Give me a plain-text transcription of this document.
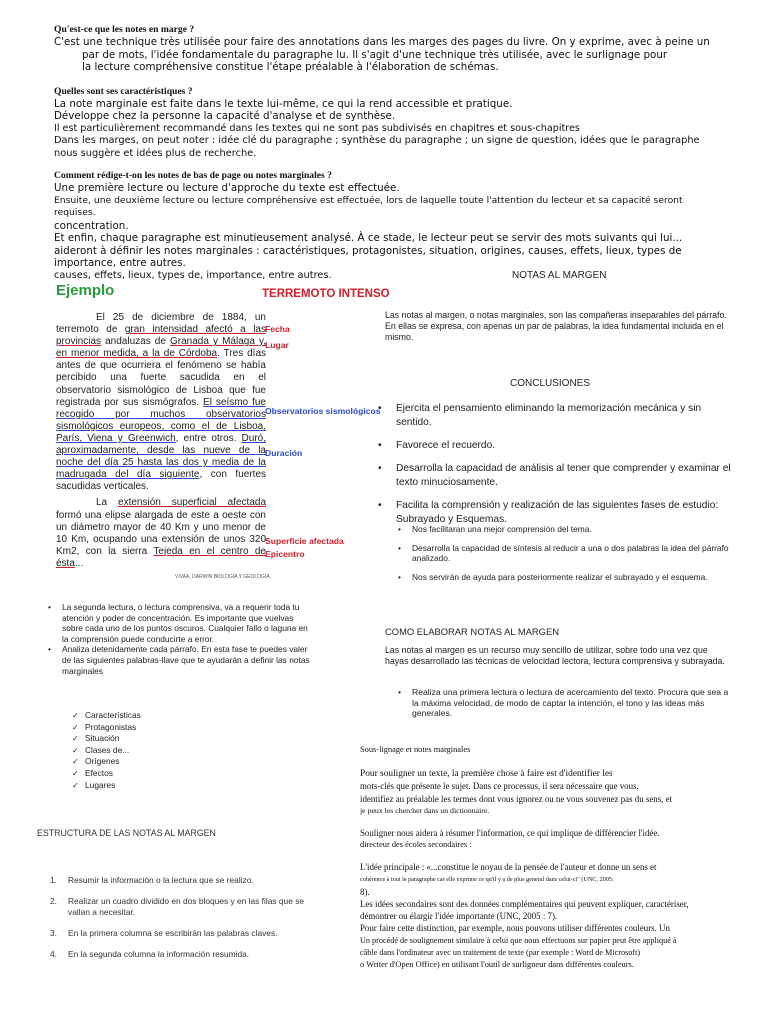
Qu'est-ce que les notes en marge ?

C'est une technique très utilisée pour faire des annotations dans les marges des pages du livre. On y exprime, avec à peine un

par de mots, l'idée fondamentale du paragraphe lu. Il s'agit d'une technique très utilisée, avec le surlignage pour

la lecture compréhensive constitue l'étape préalable à l'élaboration de schémas.

Quelles sont ses caractéristiques ?

La note marginale est faite dans le texte lui-même, ce qui la rend accessible et pratique.

Développe chez la personne la capacité d'analyse et de synthèse.

Il est particulièrement recommandé dans les textes qui ne sont pas subdivisés en chapitres et sous-chapitres

Dans les marges, on peut noter : idée clé du paragraphe ; synthèse du paragraphe ; un signe de question, idées que le paragraphe nous suggère et idées plus de recherche.

Comment rédige-t-on les notes de bas de page ou notes marginales ?

Une première lecture ou lecture d'approche du texte est effectuée.

Ensuite, une deuxième lecture ou lecture compréhensive est effectuée, lors de laquelle toute l'attention du lecteur et sa capacité seront requises.

concentration.

Et enfin, chaque paragraphe est minutieusement analysé. À ce stade, le lecteur peut se servir des mots suivants qui lui...

aideront à définir les notes marginales : caractéristiques, protagonistes, situation, origines, causes, effets, lieux, types de importance, entre autres.

causes, effets, lieux, types de, importance, entre autres.

Ejemplo	TERREMOTO INTENSO

El 25 de diciembre de 1884, un terremoto de gran intensidad afectó a las provincias andaluzas de Granada y Málaga y, en menor medida, a la de Córdoba. Tres días antes de que ocurriera el fenómeno se había percibido una fuerte sacudida en el observatorio sismológico de Lisboa que fue registrada por sus sismógrafos. El seísmo fue recogido por muchos observatorios sismológicos europeos, como el de Lisboa, París, Viena y Greenwich, entre otros. Duró, aproximadamente, desde las nueve de la noche del día 25 hasta las dos y media de la madrugada del día siguiente, con fuertes sacudidas verticales.

La extensión superficial afectada formó una elipse alargada de este a oeste con un diámetro mayor de 40 Km y uno menor de 10 Km, ocupando una extensión de unos 320 Km2, con la sierra Tejeda en el centro de ésta...

VIVAA, DARWIN BIOLOGÍA Y GEOLOGÍA
Fecha
Lugar
Observatorios sismológicos
Duración
Superficie afectada
Epicentro
• La segunda lectura, o lectura comprensiva, va a requerir toda tu atención y poder de concentración. Es importante que vuelvas sobre cada uno de los puntos oscuros. Cualquier fallo o laguna en la comprensión puede conducirte a error.
• Analiza detenidamente cada párrafo. En esta fase te puedes valer de las siguientes palabras-llave que te ayudarán a definir las notas marginales
✓ Características
✓ Protagonistas
✓ Situación
✓ Clases de...
✓ Orígenes
✓ Efectos
✓ Lugares
ESTRUCTURA DE LAS NOTAS AL MARGEN
1. Resumir la información o la lectura que se realizo.
2. Realizar un cuadro dividido en dos bloques y en las filas que se vallan a necesitar.
3. En la primera columna se escribirán las palabras claves.
4. En la segunda columna la información resumida.
NOTAS AL MARGEN
Las notas al margen, o notas marginales, son las compañeras inseparables del párrafo. En ellas se expresa, con apenas un par de palabras, la idea fundamental incluida en el mismo.
CONCLUSIONES
• Ejercita el pensamiento eliminando la memorización mecánica y sin sentido.
• Favorece el recuerdo.
• Desarrolla la capacidad de análisis al tener que comprender y examinar el texto minuciosamente.
• Facilita la comprensión y realización de las siguientes fases de estudio: Subrayado y Esquemas.
• Nos facilitaran una mejor comprensión del tema.
• Desarrolla la capacidad de síntesis al reducir a una o dos palabras la idea del párrafo analizado.
• Nos servirán de ayuda para posteriormente realizar el subrayado y el esquema.
COMO ELABORAR NOTAS AL MARGEN
Las notas al margen es un recurso muy sencillo de utilizar, sobre todo una vez que hayas desarrollado las técnicas de velocidad lectora, lectura comprensiva y subrayada.
• Realiza una primera lectura o lectura de acercamiento del texto. Procura que sea a la máxima velocidad, de modo de captar la intención, el tono y las ideas más generales.
Sous-lignage et notes marginales
Pour souligner un texte, la première chose à faire est d'identifier les
mots-clés que présente le sujet. Dans ce processus, il sera nécessaire que vous.
identifiez au préalable les termes dont vous ignorez ou ne vous souvenez pas du sens, et
je peux les chercher dans un dictionnaire.
Souligner nous aidera à résumer l'information, ce qui implique de différencier l'idée.
directeur des écoles secondaires :
L'idée principale : «...constitue le noyau de la pensée de l'auteur et donne un sens et
cohérence à tout le paragraphe car elle exprime ce qu'il y a de plus general dans celui-ci" (UNC, 2005:
8).
Les idées secondaires sont des données complémentaires qui peuvent expliquer, caractériser,
démontrer ou élargir l'idée importante (UNC, 2005 : 7).
Pour faire cette distinction, par exemple, nous pouvons utiliser différentes couleurs. Un
Un procédé de soulignement similaire à celui que nous effectuons sur papier peut être appliqué à
câble dans l'ordinateur avec un traitement de texte (par exemple : Word de Microsoft)
o Writer d'Open Office) en utilisant l'outil de surligneur dans différentes couleurs.
